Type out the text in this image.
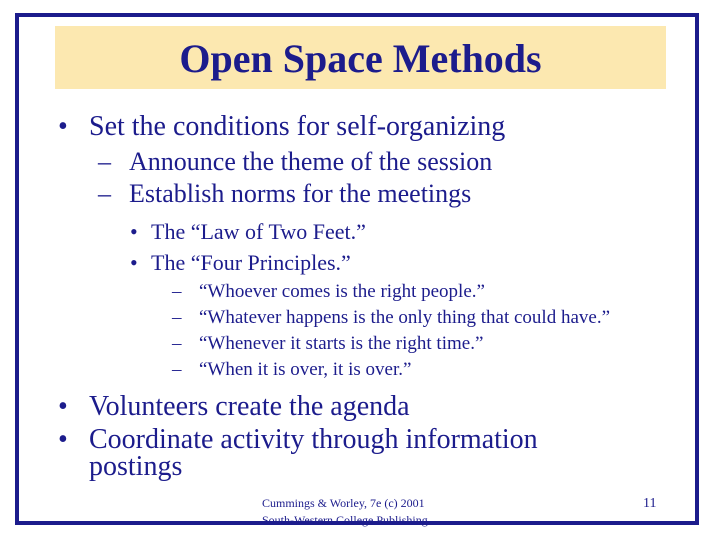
Open Space Methods
• Set the conditions for self-organizing
– Announce the theme of the session
– Establish norms for the meetings
• The “Law of Two Feet.”
• The “Four Principles.”
– “Whoever comes is the right people.”
– “Whatever happens is the only thing that could have.”
– “Whenever it starts is the right time.”
– “When it is over, it is over.”
• Volunteers create the agenda
• Coordinate activity through information
postings
Cummings & Worley, 7e (c) 2001
South-Western College Publishing
11
